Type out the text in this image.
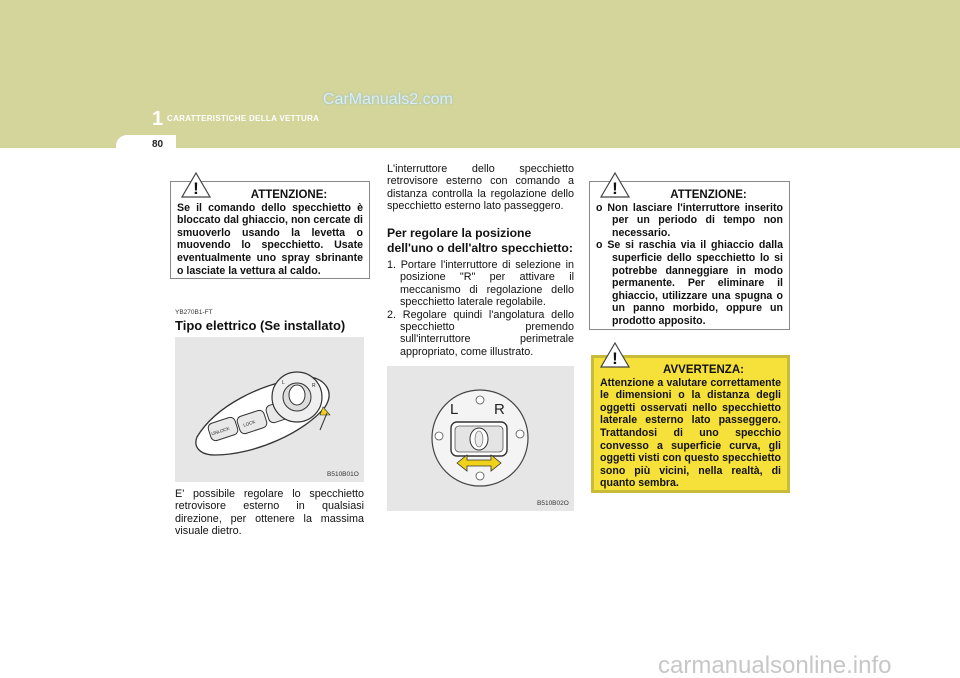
CarManuals2.com
1 CARATTERISTICHE DELLA VETTURA
80
!	ATTENZIONE:

Se il comando dello specchietto è bloccato dal ghiaccio, non cercate di smuoverlo usando la levetta o muovendo lo specchietto. Usate eventualmente uno spray sbrinante o lasciate la vettura al caldo.

YB270B1-FT
Tipo elettrico (Se installato)
L	R
UNLOCK
LOCK
B510B01O

E' possibile regolare lo specchietto retrovisore esterno in qualsiasi direzione, per ottenere la massima visuale dietro.

L'interruttore dello specchietto retrovisore esterno con comando a distanza controlla la regolazione dello specchietto esterno lato passeggero.

Per regolare la posizione dell'uno o dell'altro specchietto:
1. Portare l'interruttore di selezione in posizione "R" per attivare il meccanismo di regolazione dello specchietto laterale regolabile.
2. Regolare quindi l'angolatura dello specchietto premendo sull'interruttore perimetrale appropriato, come illustrato.
L R
B510B02O
!	ATTENZIONE:
o Non lasciare l'interruttore inserito per un periodo di tempo non necessario.
o Se si raschia via il ghiaccio dalla superficie dello specchietto lo si potrebbe danneggiare in modo permanente. Per eliminare il ghiaccio, utilizzare una spugna o un panno morbido, oppure un prodotto apposito.
!
AVVERTENZA:

Attenzione a valutare correttamente le dimensioni o la distanza degli oggetti osservati nello specchietto laterale esterno lato passeggero. Trattandosi di uno specchio convesso a superficie curva, gli oggetti visti con questo specchietto sono più vicini, nella realtà, di quanto sembra.

carmanualsonline.info
